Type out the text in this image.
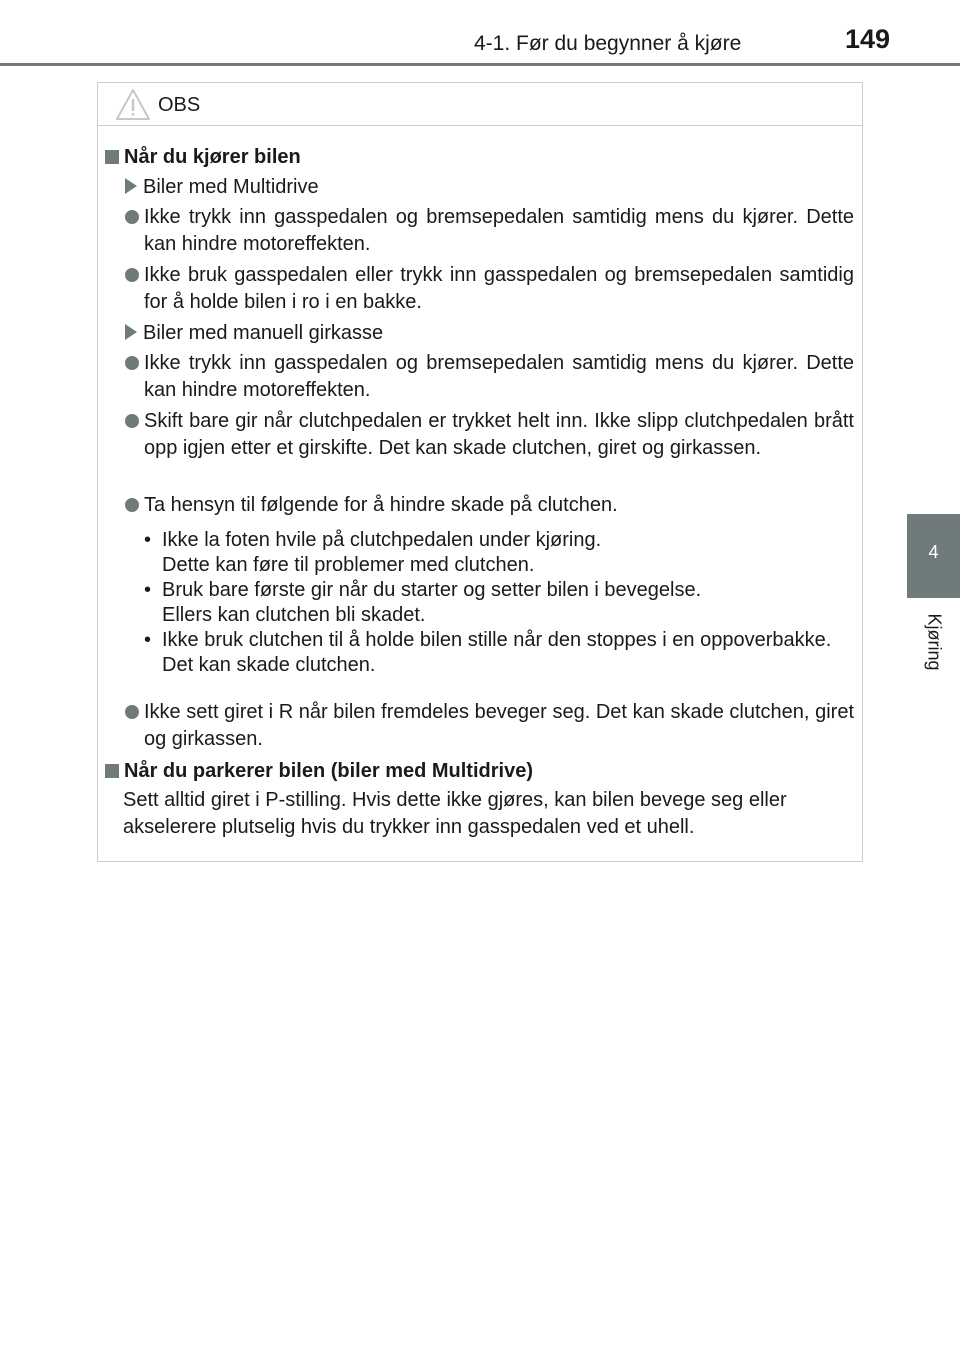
4-1. Før du begynner å kjøre	149
4
Kjøring
OBS
Når du kjører bilen
Biler med Multidrive
Ikke trykk inn gasspedalen og bremsepedalen samtidig mens du kjører. Dette kan hindre motoreffekten.
Ikke bruk gasspedalen eller trykk inn gasspedalen og bremsepedalen samtidig for å holde bilen i ro i en bakke.
Biler med manuell girkasse
Ikke trykk inn gasspedalen og bremsepedalen samtidig mens du kjører. Dette kan hindre motoreffekten.
Skift bare gir når clutchpedalen er trykket helt inn. Ikke slipp clutchpedalen brått opp igjen etter et girskifte. Det kan skade clutchen, giret og girkassen.
Ta hensyn til følgende for å hindre skade på clutchen.
• Ikke la foten hvile på clutchpedalen under kjøring.
Dette kan føre til problemer med clutchen.
• Bruk bare første gir når du starter og setter bilen i bevegelse.
Ellers kan clutchen bli skadet.
• Ikke bruk clutchen til å holde bilen stille når den stoppes i en oppoverbakke.
Det kan skade clutchen.
Ikke sett giret i R når bilen fremdeles beveger seg. Det kan skade clutchen, giret og girkassen.
Når du parkerer bilen (biler med Multidrive)
Sett alltid giret i P-stilling. Hvis dette ikke gjøres, kan bilen bevege seg eller akselerere plutselig hvis du trykker inn gasspedalen ved et uhell.
